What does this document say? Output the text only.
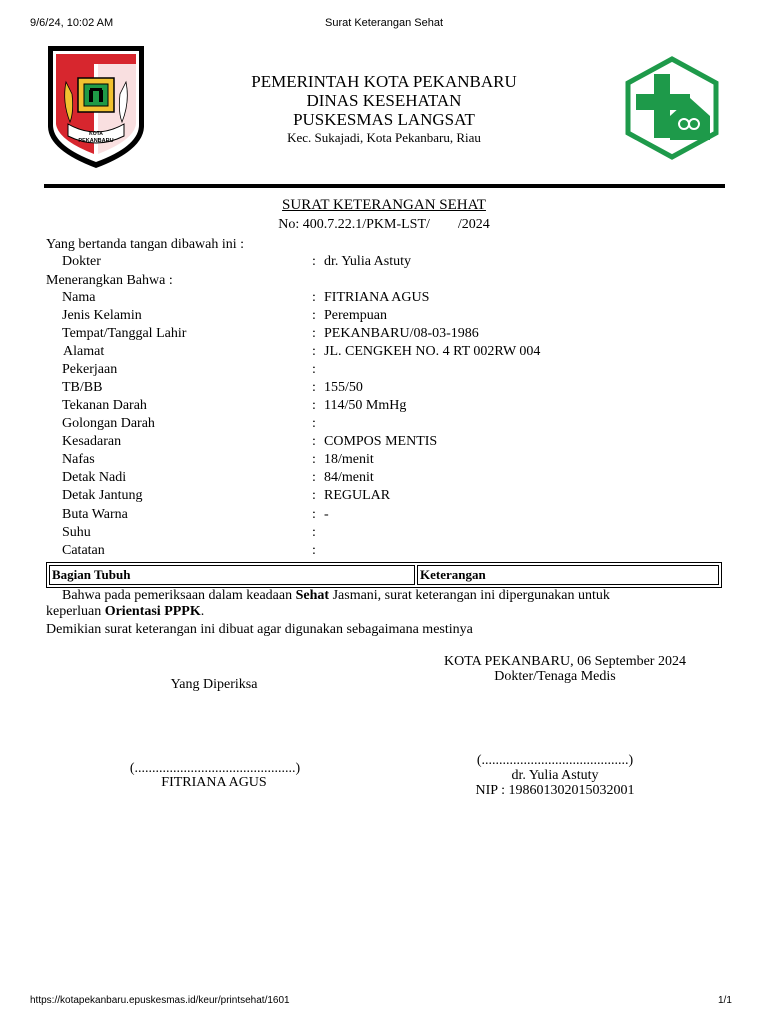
9/6/24, 10:02 AM	Surat Keterangan Sehat
KOTA
PEKANBARU
PEMERINTAH KOTA PEKANBARU
DINAS KESEHATAN
PUSKESMAS LANGSAT
Kec. Sukajadi, Kota Pekanbaru, Riau
SURAT KETERANGAN SEHAT
No: 400.7.22.1/PKM-LST/        /2024
Yang bertanda tangan dibawah ini :
Dokter	: dr. Yulia Astuty
Menerangkan Bahwa :
Nama	: FITRIANA AGUS
Jenis Kelamin	: Perempuan
Tempat/Tanggal Lahir	: PEKANBARU/08-03-1986
Alamat	: JL. CENGKEH NO. 4 RT 002RW 004
Pekerjaan	:
TB/BB	: 155/50
Tekanan Darah	: 114/50 MmHg
Golongan Darah	:
Kesadaran	: COMPOS MENTIS
Nafas	: 18/menit
Detak Nadi	: 84/menit
Detak Jantung	: REGULAR
Buta Warna	: -
Suhu	:
Catatan	:
Bagian Tubuh	Keterangan
Bahwa pada pemeriksaan dalam keadaan Sehat Jasmani, surat keterangan ini dipergunakan untuk
keperluan Orientasi PPPK.
Demikian surat keterangan ini dibuat agar digunakan sebagaimana mestinya
KOTA PEKANBARU, 06 September 2024
Dokter/Tenaga Medis
Yang Diperiksa
(..............................................)
FITRIANA AGUS
(..........................................)
dr. Yulia Astuty
NIP : 198601302015032001
https://kotapekanbaru.epuskesmas.id/keur/printsehat/1601	1/1
